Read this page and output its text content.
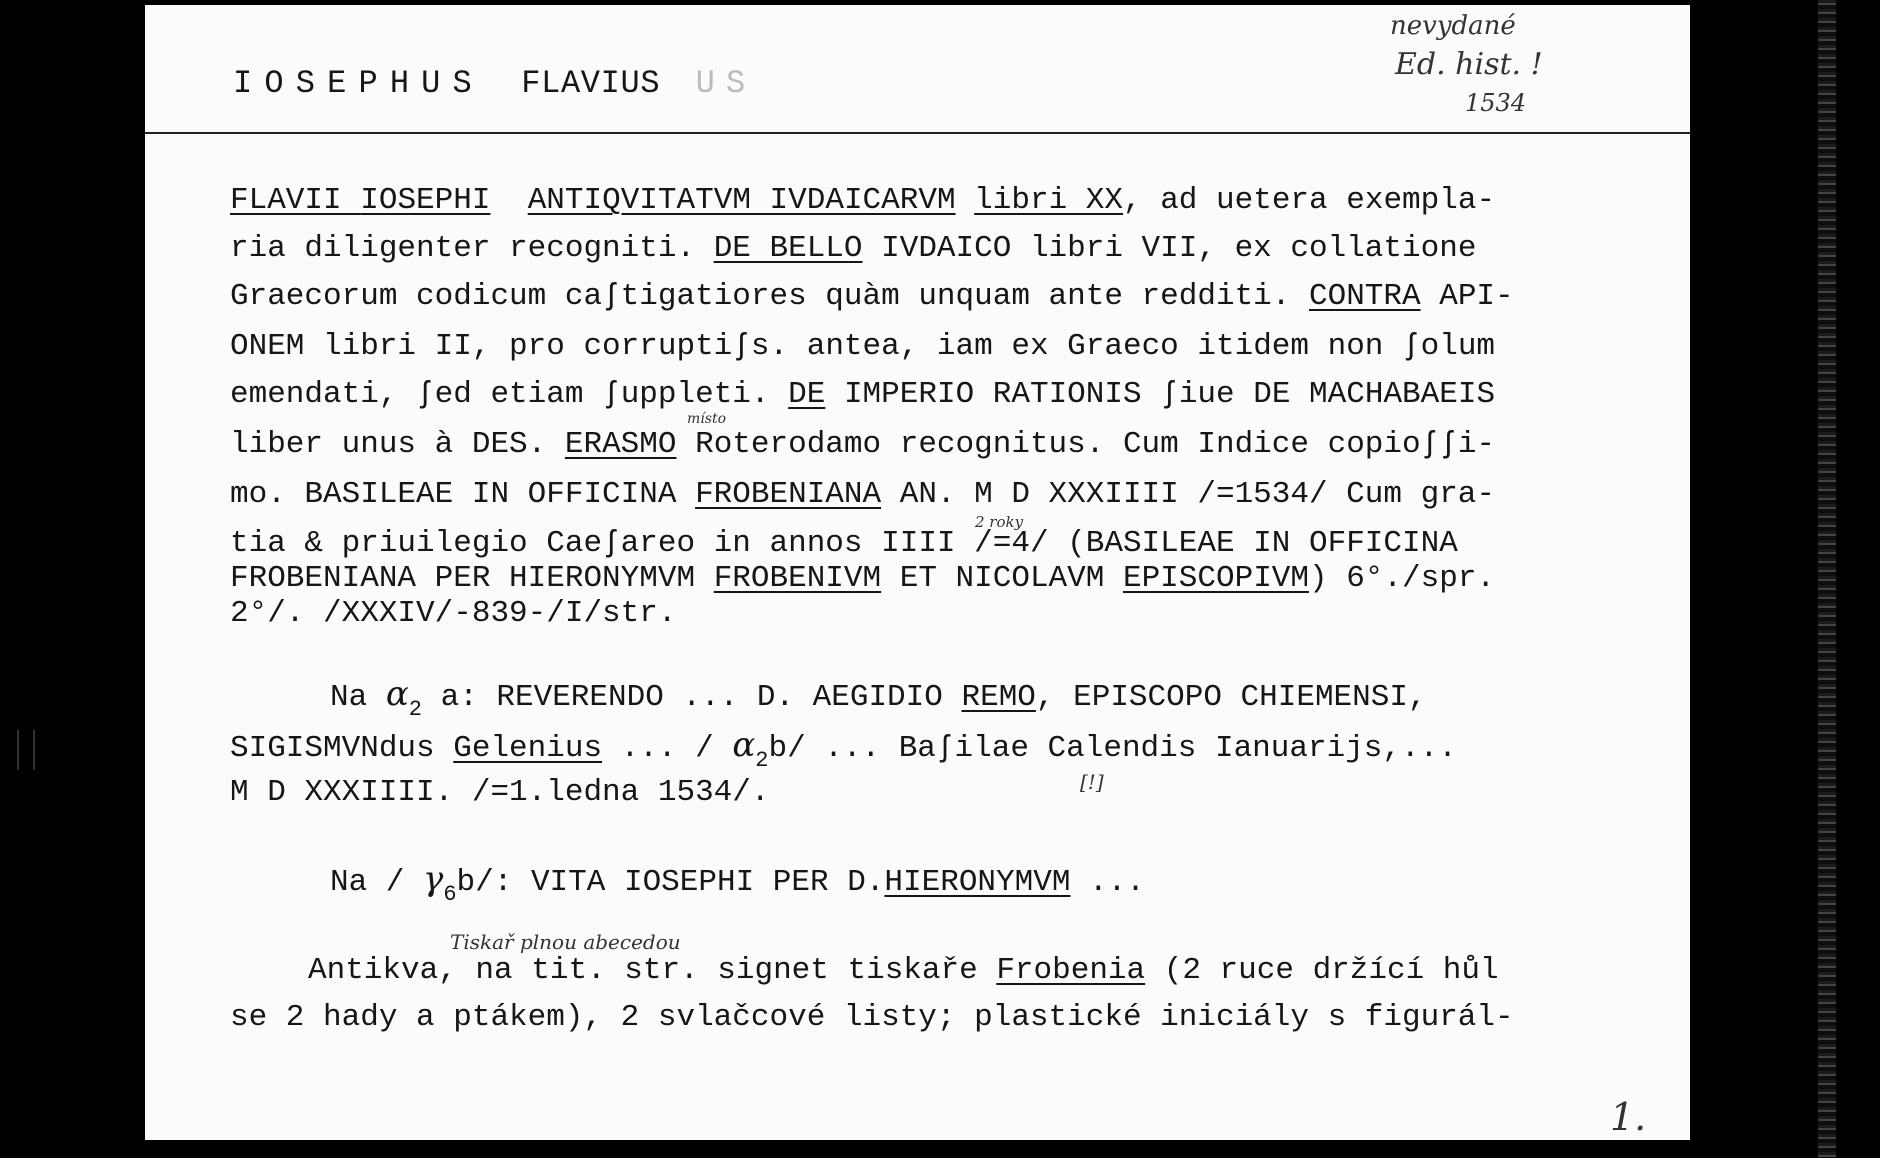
IOSEPHUS FLAVIUS US
nevydané
Ed. hist. !
1534
FLAVII IOSEPHI ANTIQVITATVM IVDAICARVM libri XX, ad uetera exempla-
ria diligenter recogniti. DE BELLO IVDAICO libri VII, ex collatione
Graecorum codicum caʃtigatiores quàm unquam ante redditi. CONTRA API-
ONEM libri II, pro corruptiʃs. antea, iam ex Graeco itidem non ʃolum
emendati, ʃed etiam ʃuppleti. DE IMPERIO RATIONIS ʃiue DE MACHABAEIS
liber unus à DES. ERASMO Roterodamo recognitus. Cum Indice copioʃʃi-
mo. BASILEAE IN OFFICINA FROBENIANA AN. M D XXXIIII /=1534/ Cum gra-
tia & priuilegio Caeʃareo in annos IIII /=4/ (BASILEAE IN OFFICINA
FROBENIANA PER HIERONYMVM FROBENIVM ET NICOLAVM EPISCOPIVM) 6°./spr.
2°/. /XXXIV/-839-/I/str.
Na $\alpha_2$ a: REVERENDO ... D. AEGIDIO REMO, EPISCOPO CHIEMENSI,
SIGISMVNdus Gelenius ... / $\alpha_2b/$ ... Baʃilae Calendis Ianuarijs,...
M D XXXIIII. /=1.ledna 1534/.
Na / $\gamma_6b/$: VITA IOSEPHI PER D.HIERONYMVM ...
Antikva, na tit. str. signet tiskaře Frobenia (2 ruce držící hůl
se 2 hady a ptákem), 2 svlačcové listy; plastické iniciály s figurál-
místo
2 roky
[!]
Tiskař plnou abecedou
1.
